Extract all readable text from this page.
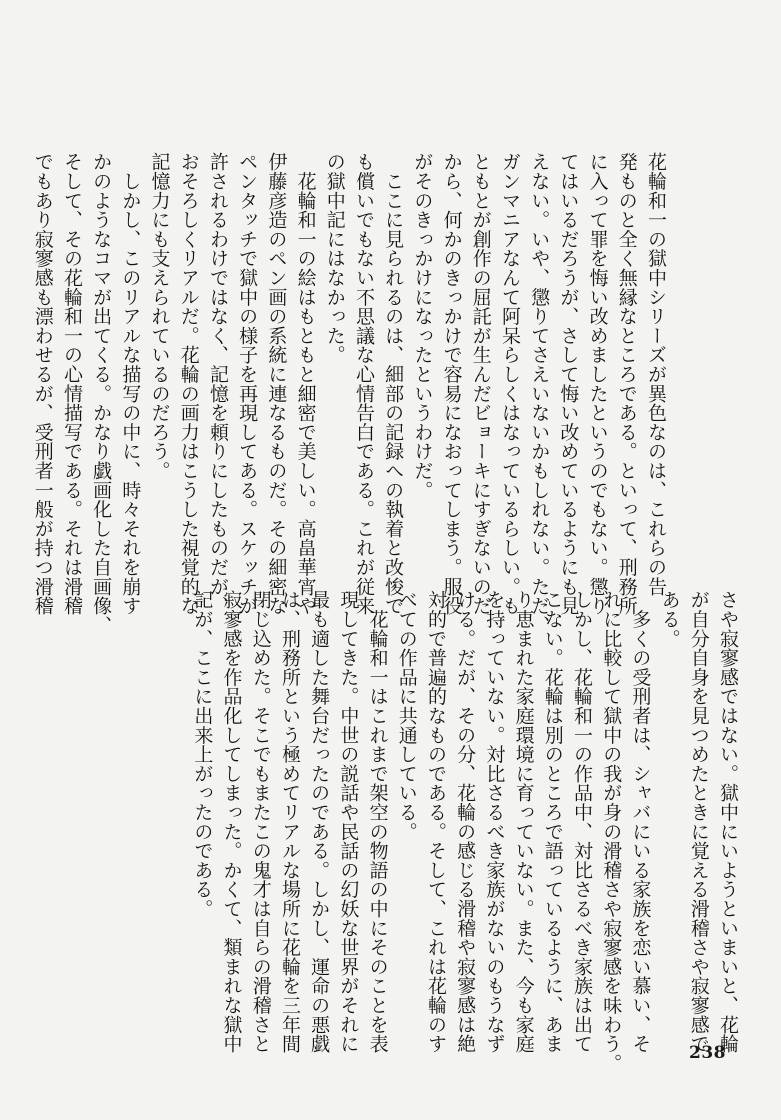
花輪和一の獄中シリーズが異色なのは、これらの告
発ものと全く無縁なところである。といって、刑務所
に入って罪を悔い改めましたというのでもない。懲り
てはいるだろうが、さして悔い改めているようにも見
えない。いや、懲りてさえいないかもしれない。ただ、
ガンマニアなんて阿呆らしくはなっているらしい。も
ともとが創作の屈託が生んだビョーキにすぎないのだ
から、何かのきっかけで容易になおってしまう。服役
がそのきっかけになったというわけだ。
　ここに見られるのは、細部の記録への執着と改悛で
も償いでもない不思議な心情告白である。これが従来
の獄中記にはなかった。
　花輪和一の絵はもともと細密で美しい。高畠華宵や
伊藤彦造のペン画の系統に連なるものだ。その細密な
ペンタッチで獄中の様子を再現してある。スケッチが
許されるわけではなく、記憶を頼りにしたものだが、
おそろしくリアルだ。花輪の画力はこうした視覚的な
記憶力にも支えられているのだろう。
　しかし、このリアルな描写の中に、時々それを崩す
かのようなコマが出てくる。かなり戯画化した自画像、
そして、その花輪和一の心情描写である。それは滑稽
でもあり寂寥感も漂わせるが、受刑者一般が持つ滑稽
さや寂寥感ではない。獄中にいようといまいと、花輪
が自分自身を見つめたときに覚える滑稽さや寂寥感で
ある。
　多くの受刑者は、シャバにいる家族を恋い慕い、そ
れに比較して獄中の我が身の滑稽さや寂寥感を味わう。
しかし、花輪和一の作品中、対比さるべき家族は出て
こない。花輪は別のところで語っているように、あま
り恵まれた家庭環境に育っていない。また、今も家庭
を持っていない。対比さるべき家族がないのもうなず
ける。だが、その分、花輪の感じる滑稽や寂寥感は絶
対的で普遍的なものである。そして、これは花輪のす
べての作品に共通している。
　花輪和一はこれまで架空の物語の中にそのことを表
現してきた。中世の説話や民話の幻妖な世界がそれに
最も適した舞台だったのである。しかし、運命の悪戯
は、刑務所という極めてリアルな場所に花輪を三年間
閉じ込めた。そこでもまたこの鬼才は自らの滑稽さと
寂寥感を作品化してしまった。かくて、類まれな獄中
記が、ここに出来上がったのである。
238
